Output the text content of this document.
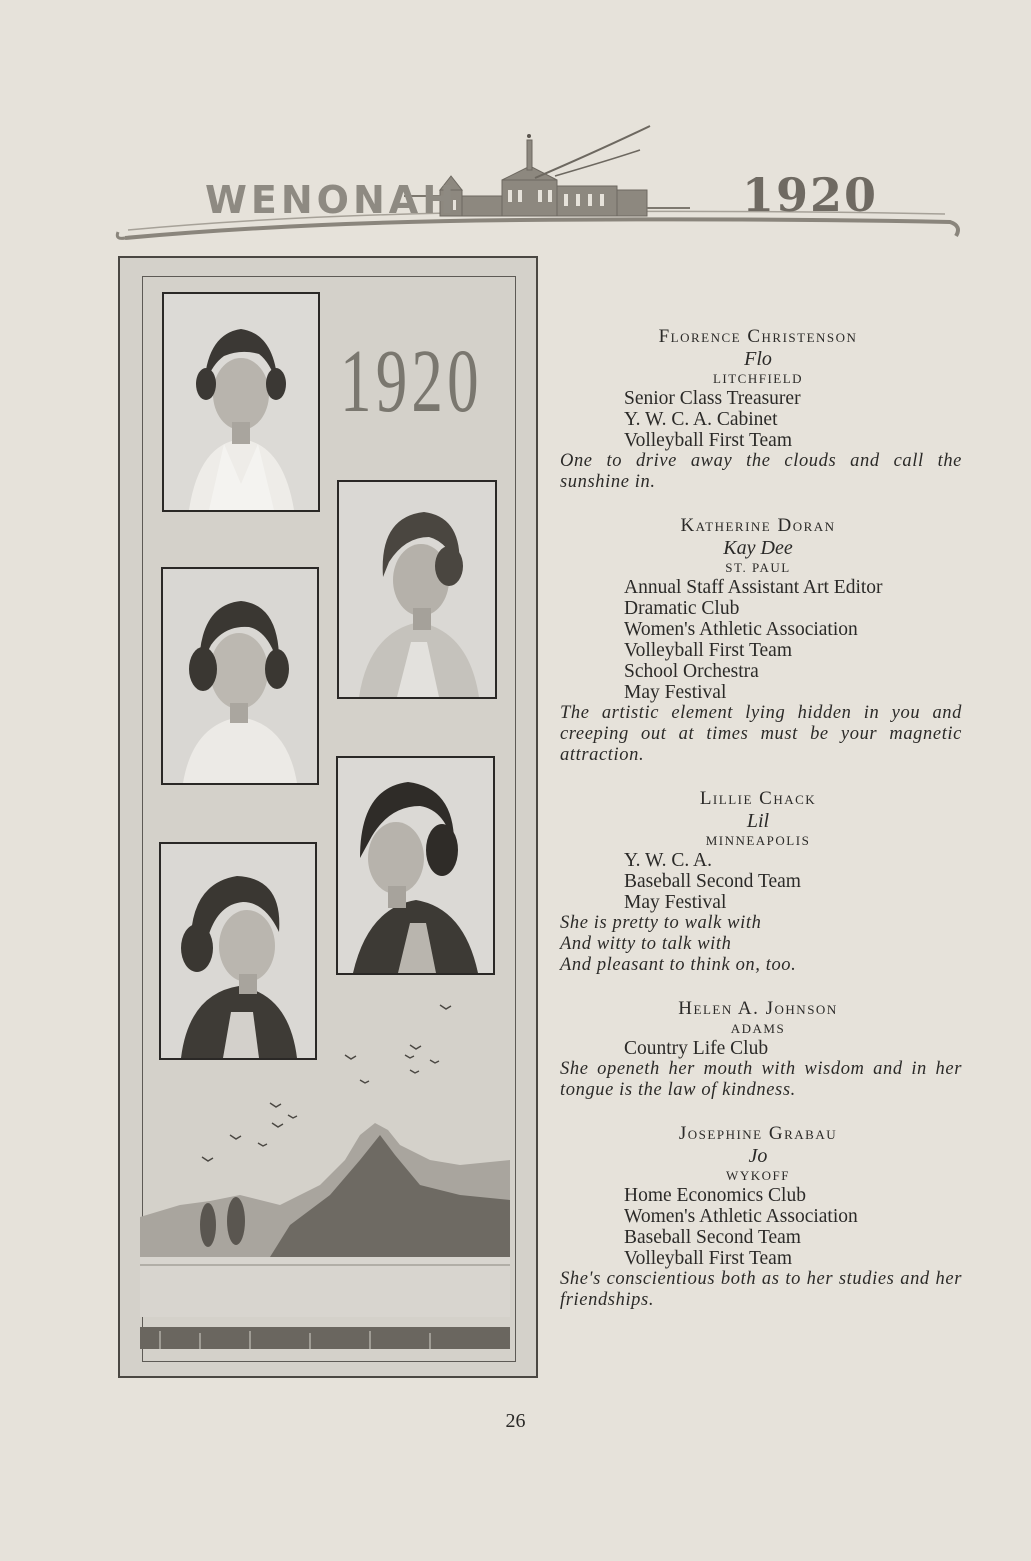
WENONAH	1920
1920	Florence Christenson
Flo
LITCHFIELD
Senior Class Treasurer
Y. W. C. A. Cabinet
Volleyball First Team
One to drive away the clouds and call the sunshine in.
Katherine Doran
Kay Dee
ST. PAUL
Annual Staff Assistant Art Editor
Dramatic Club
Women's Athletic Association
Volleyball First Team
School Orchestra
May Festival
The artistic element lying hidden in you and creeping out at times must be your magnetic attraction.
Lillie Chack
Lil
MINNEAPOLIS
Y. W. C. A.
Baseball Second Team
May Festival
She is pretty to walk with
And witty to talk with
And pleasant to think on, too.
Helen A. Johnson
ADAMS
Country Life Club
She openeth her mouth with wisdom and in her tongue is the law of kindness.
Josephine Grabau
Jo
WYKOFF
Home Economics Club
Women's Athletic Association
Baseball Second Team
Volleyball First Team
She's conscientious both as to her studies and her friendships.
26
